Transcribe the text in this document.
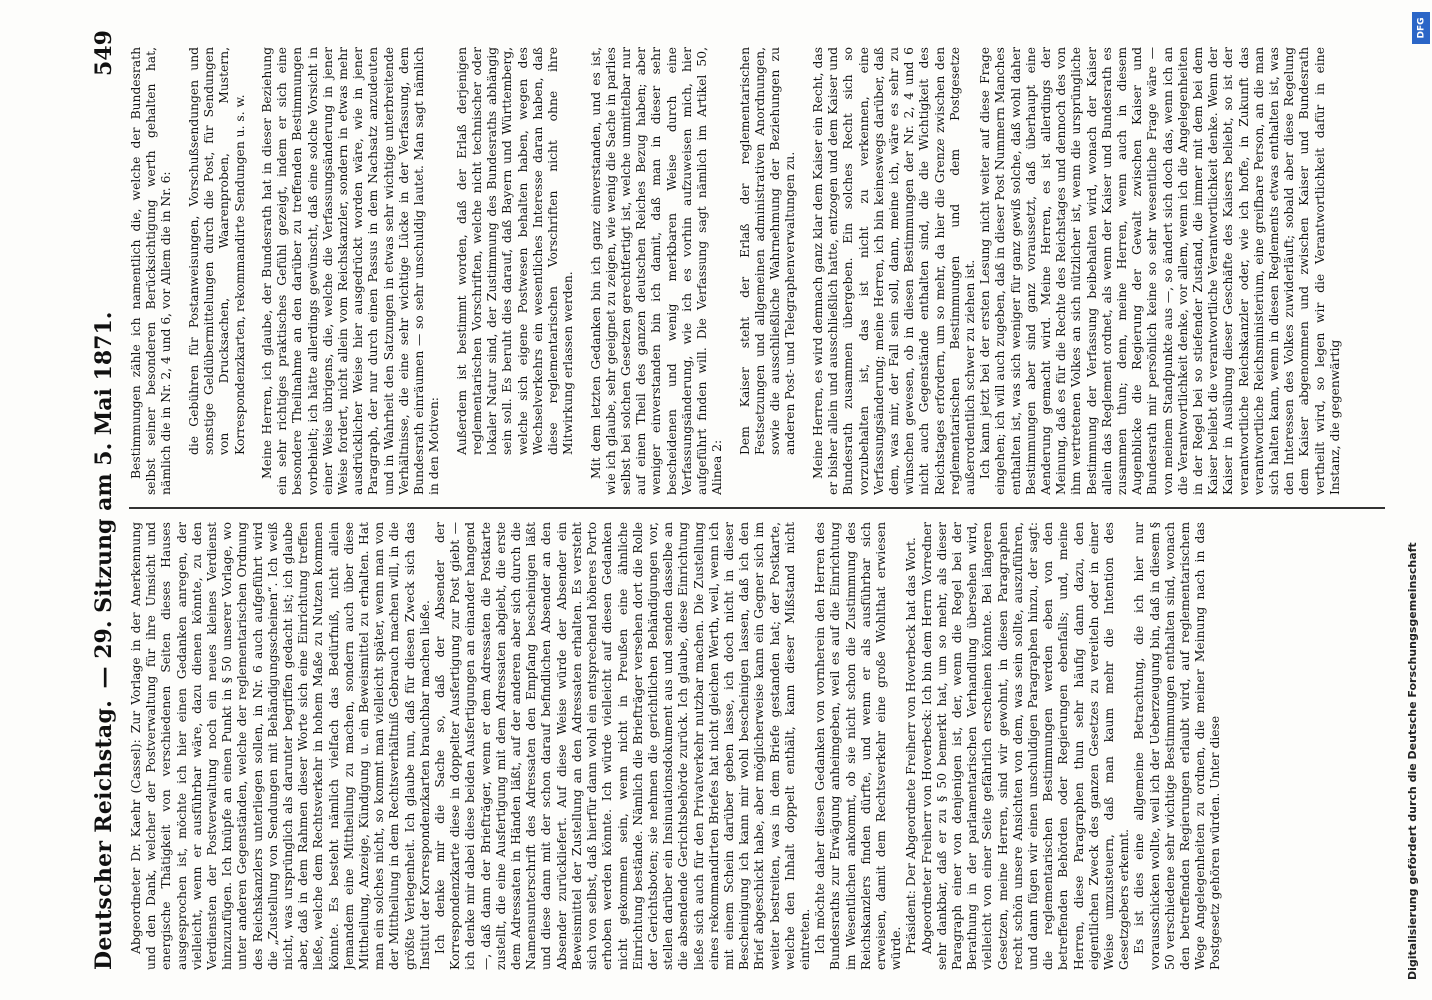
Deutscher Reichstag.
— 29. Sitzung am 5. Mai 1871.
549

Abgeordneter Dr. Kaehr (Cassel): Zur Vorlage in der Anerkennung und den Dank, welcher der Postverwaltung für ihre Umsicht und energische Thätigkeit von verschiedenen Seiten dieses Hauses ausgesprochen ist, möchte ich hier einen Gedanken anregen, der vielleicht, wenn er ausführbar wäre, dazu dienen könnte, zu den Verdiensten der Postverwaltung noch ein neues kleines Verdienst hinzuzufügen. Ich knüpfe an einen Punkt in § 50 unserer Vorlage, wo unter anderen Gegenständen, welche der reglementarischen Ordnung des Reichskanzlers unterliegen sollen, in Nr. 6 auch aufgeführt wird die „Zustellung von Sendungen mit Behändigungsscheinen“. Ich weiß nicht, was ursprünglich als darunter begriffen gedacht ist; ich glaube aber, daß in dem Rahmen dieser Worte sich eine Einrichtung treffen ließe, welche dem Rechtsverkehr in hohem Maße zu Nutzen kommen könnte. Es besteht nämlich vielfach das Bedürfniß, nicht allein Jemandem eine Mittheilung zu machen, sondern auch über diese Mittheilung, Anzeige, Kündigung u. ein Beweismittel zu erhalten. Hat man ein solches nicht, so kommt man vielleicht später, wenn man von der Mittheilung in dem Rechtsverhältniß Gebrauch machen will, in die größte Verlegenheit. Ich glaube nun, daß für diesen Zweck sich das Institut der Korrespondenzkarten brauchbar machen ließe. Ich denke mir die Sache so, daß der Absender der Korrespondenzkarte diese in doppelter Ausfertigung zur Post giebt — ich denke mir dabei diese beiden Ausfertigungen an einander hangend —, daß dann der Briefträger, wenn er dem Adressaten die Postkarte zustellt, die eine Ausfertigung mit dem Adressaten abgiebt, die erste dem Adressaten in Händen läßt, auf der anderen aber sich durch die Namensunterschrift des Adressaten den Empfang bescheinigen läßt und diese dann mit der schon darauf befindlichen Absender an den Absender zurückliefert. Auf diese Weise würde der Absender ein Beweismittel der Zustellung an den Adressaten erhalten. Es versteht sich von selbst, daß hierfür dann wohl ein entsprechend höheres Porto erhoben werden könnte. Ich würde vielleicht auf diesen Gedanken nicht gekommen sein, wenn nicht in Preußen eine ähnliche Einrichtung bestände. Nämlich die Briefträger versehen dort die Rolle der Gerichtsboten; sie nehmen die gerichtlichen Behändigungen vor, stellen darüber ein Insinuationsdokument aus und senden dasselbe an die absendende Gerichtsbehörde zurück. Ich glaube, diese Einrichtung ließe sich auch für den Privatverkehr nutzbar machen. Die Zustellung eines rekommandirten Briefes hat nicht gleichen Werth, weil, wenn ich mit einem Schein darüber geben lasse, ich doch nicht in dieser Bescheinigung ich kann mir wohl bescheinigen lassen, daß ich den Brief abgeschickt habe, aber möglicherweise kann ein Gegner sich im weiter bestreiten, was in dem Briefe gestanden hat; der Postkarte, welche den Inhalt doppelt enthält, kann dieser Mißstand nicht eintreten. Ich möchte daher diesen Gedanken von vornherein den Herren des Bundesraths zur Erwägung anheimgeben, weil es auf die Einrichtung im Wesentlichen ankommt, ob sie nicht schon die Zustimmung des Reichskanzlers finden dürfte, und wenn er als ausführbar sich erweisen, damit dem Rechtsverkehr eine große Wohlthat erwiesen würde. Präsident: Der Abgeordnete Freiherr von Hoverbeck hat das Wort. Abgeordneter Freiherr von Hoverbeck: Ich bin dem Herrn Vorredner sehr dankbar, daß er zu § 50 bemerkt hat, um so mehr, als dieser Paragraph einer von denjenigen ist, der, wenn die Regel bei der Berathung in der parlamentarischen Verhandlung übersehen wird, vielleicht von einer Seite gefährlich erscheinen könnte. Bei längeren Gesetzen, meine Herren, sind wir gewohnt, in diesen Paragraphen recht schön unsere Ansichten von dem, was sein sollte, auszuführen, und dann fügen wir einen unschuldigen Paragraphen hinzu, der sagt: die reglementarischen Bestimmungen werden eben von den betreffenden Behörden oder Regierungen ebenfalls; und, meine Herren, diese Paragraphen thun sehr häufig dann dazu, den eigentlichen Zweck des ganzen Gesetzes zu vereiteln oder in einer Weise umzusteuern, daß man kaum mehr die Intention des Gesetzgebers erkennt. Es ist dies eine allgemeine Betrachtung, die ich hier nur vorausschicken wollte, weil ich der Ueberzeugung bin, daß in diesem § 50 verschiedene sehr wichtige Bestimmungen enthalten sind, wonach den betreffenden Regierungen erlaubt wird, auf reglementarischem Wege Angelegenheiten zu ordnen, die meiner Meinung nach in das Postgesetz gehören würden. Unter diese

Bestimmungen zähle ich namentlich die, welche der Bundesrath selbst seiner besonderen Berücksichtigung werth gehalten hat, nämlich die in Nr. 2, 4 und 6, vor Allem die in Nr. 6: die Gebühren für Postanweisungen, Vorschußsendungen und sonstige Geldübermittelungen durch die Post, für Sendungen von Drucksachen, Waarenproben, Mustern, Korrespondenzkarten, rekommandirte Sendungen u. s. w. Meine Herren, ich glaube, der Bundesrath hat in dieser Beziehung ein sehr richtiges praktisches Gefühl gezeigt, indem er sich eine besondere Theilnahme an den darüber zu treffenden Bestimmungen vorbehielt; ich hätte allerdings gewünscht, daß eine solche Vorsicht in einer Weise übrigens, die, welche die Verfassungsänderung in jener Weise fordert, nicht allein vom Reichskanzler, sondern in etwas mehr ausdrücklicher Weise hier ausgedrückt worden wäre, wie in jener Paragraph, der nur durch einen Passus in dem Nachsatz anzudeuten und in Wahrheit den Satzungen in etwas sehr wichtige unterbreitende Verhältnisse, die eine sehr wichtige Lücke in der Verfassung, dem Bundesrath einräumen — so sehr unschuldig lautet. Man sagt nämlich in den Motiven: Außerdem ist bestimmt worden, daß der Erlaß derjenigen reglementarischen Vorschriften, welche nicht technischer oder lokaler Natur sind, der Zustimmung des Bundesraths abhängig sein soll. Es beruht dies darauf, daß Bayern und Württemberg, welche sich eigene Postwesen behalten haben, wegen des Wechselverkehrs ein wesentliches Interesse daran haben, daß diese reglementarischen Vorschriften nicht ohne ihre Mitwirkung erlassen werden. Mit dem letzten Gedanken bin ich ganz einverstanden, und es ist, wie ich glaube, sehr geeignet zu zeigen, wie wenig die Sache in parlies selbst bei solchen Gesetzen gerechtfertigt ist, welche unmittelbar nur auf einen Theil des ganzen deutschen Reiches Bezug haben; aber weniger einverstanden bin ich damit, daß man in dieser sehr bescheidenen und wenig merkbaren Weise durch eine Verfassungsänderung, wie ich es vorhin aufzuweisen mich, hier aufgeführt finden will. Die Verfassung sagt nämlich im Artikel 50, Alinea 2:

Dem Kaiser steht der Erlaß der reglementarischen Festsetzungen und allgemeinen administrativen Anordnungen, sowie die ausschließliche Wahrnehmung der Beziehungen zu anderen Post- und Telegraphenverwaltungen zu. Meine Herren, es wird demnach ganz klar dem Kaiser ein Recht, das er bisher allein und ausschließlich hatte, entzogen und dem Kaiser und Bundesrath zusammen übergeben. Ein solches Recht sich so vorzubehalten ist, das ist nicht zu verkennen, eine Verfassungsänderung; meine Herren, ich bin keineswegs darüber, daß dem, was mir, der Fall sein soll, dann, meine ich, wäre es sehr zu wünschen gewesen, ob in diesen Bestimmungen der Nr. 2, 4 und 6 nicht auch Gegenstände enthalten sind, die die Wichtigkeit des Reichstages erfordern, um so mehr, da hier die Grenze zwischen den reglementarischen Bestimmungen und dem Postgesetze außerordentlich schwer zu ziehen ist. Ich kann jetzt bei der ersten Lesung nicht weiter auf diese Frage eingehen; ich will auch zugeben, daß in dieser Post Nummern Manches enthalten ist, was sich weniger für ganz gewiß solche, daß wohl daher Bestimmungen aber sind ganz voraussetzt, daß überhaupt eine Aenderung gemacht wird. Meine Herren, es ist allerdings der Meinung, daß es für die Rechte des Reichstages und dennoch des von ihm vertretenen Volkes an sich nützlicher ist, wenn die ursprüngliche Bestimmung der Verfassung beibehalten wird, wonach der Kaiser allein das Reglement ordnet, als wenn der Kaiser und Bundesrath es zusammen thun; denn, meine Herren, wenn auch in diesem Augenblicke die Regierung der Gewalt zwischen Kaiser und Bundesrath mir persönlich keine so sehr wesentliche Frage wäre — von meinem Standpunkte aus —, so ändert sich doch das, wenn ich an die Verantwortlichkeit denke, vor allem, wenn ich die Angelegenheiten in der Regel bei so stiefender Zustand, die immer mit dem bei dem Kaiser beliebt die verantwortliche Verantwortlichkeit denke. Wenn der Kaiser in Ausübung dieser Geschäfte des Kaisers beliebt, so ist der verantwortliche Reichskanzler oder, wie ich hoffe, in Zukunft das verantwortliche Reichsministerium, eine greifbare Person, an die man sich halten kann, wenn in diesen Reglements etwas enthalten ist, was den Interessen des Volkes zuwiderläuft; sobald aber diese Regelung dem Kaiser abgenommen und zwischen Kaiser und Bundesrath vertheilt wird, so legen wir die Verantwortlichkeit dafür in eine Instanz, die gegenwärtig

DFG
Digitalisierung gefördert durch die Deutsche Forschungsgemeinschaft
